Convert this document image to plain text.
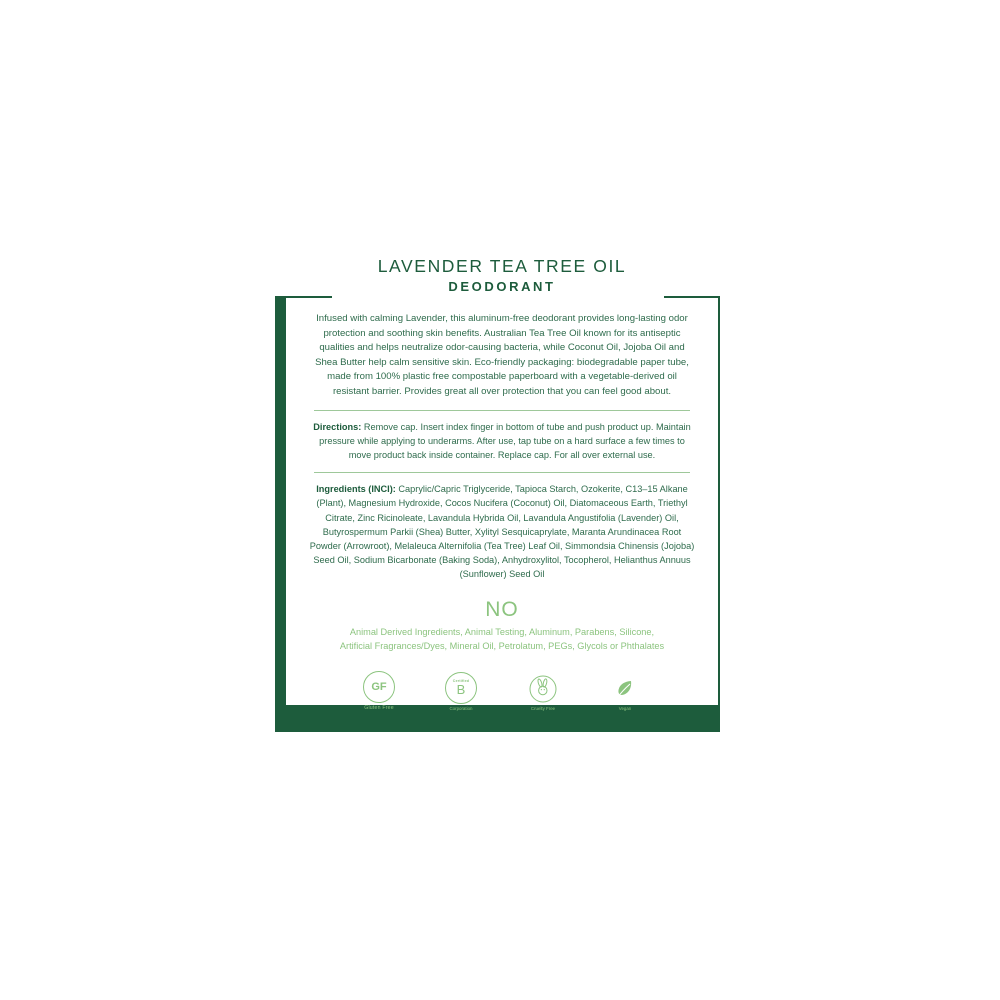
LAVENDER TEA TREE OIL
DEODORANT

Infused with calming Lavender, this aluminum-free deodorant provides long-lasting odor protection and soothing skin benefits. Australian Tea Tree Oil known for its antiseptic qualities and helps neutralize odor-causing bacteria, while Coconut Oil, Jojoba Oil and Shea Butter help calm sensitive skin. Eco-friendly packaging: biodegradable paper tube, made from 100% plastic free compostable paperboard with a vegetable-derived oil resistant barrier. Provides great all over protection that you can feel good about.

Directions: Remove cap. Insert index finger in bottom of tube and push product up. Maintain pressure while applying to underarms. After use, tap tube on a hard surface a few times to move product back inside container. Replace cap. For all over external use.

Ingredients (INCI): Caprylic/Capric Triglyceride, Tapioca Starch, Ozokerite, C13–15 Alkane (Plant), Magnesium Hydroxide, Cocos Nucifera (Coconut) Oil, Diatomaceous Earth, Triethyl Citrate, Zinc Ricinoleate, Lavandula Hybrida Oil, Lavandula Angustifolia (Lavender) Oil, Butyrospermum Parkii (Shea) Butter, Xylityl Sesquicaprylate, Maranta Arundinacea Root Powder (Arrowroot), Melaleuca Alternifolia (Tea Tree) Leaf Oil, Simmondsia Chinensis (Jojoba) Seed Oil, Sodium Bicarbonate (Baking Soda), Anhydroxylitol, Tocopherol, Helianthus Annuus (Sunflower) Seed Oil

NO
Animal Derived Ingredients, Animal Testing, Aluminum, Parabens, Silicone,
Artificial Fragrances/Dyes, Mineral Oil, Petrolatum, PEGs, Glycols or Phthalates
GF
Gluten Free
Certified
B
Corporation	Cruelty Free	Vegan
